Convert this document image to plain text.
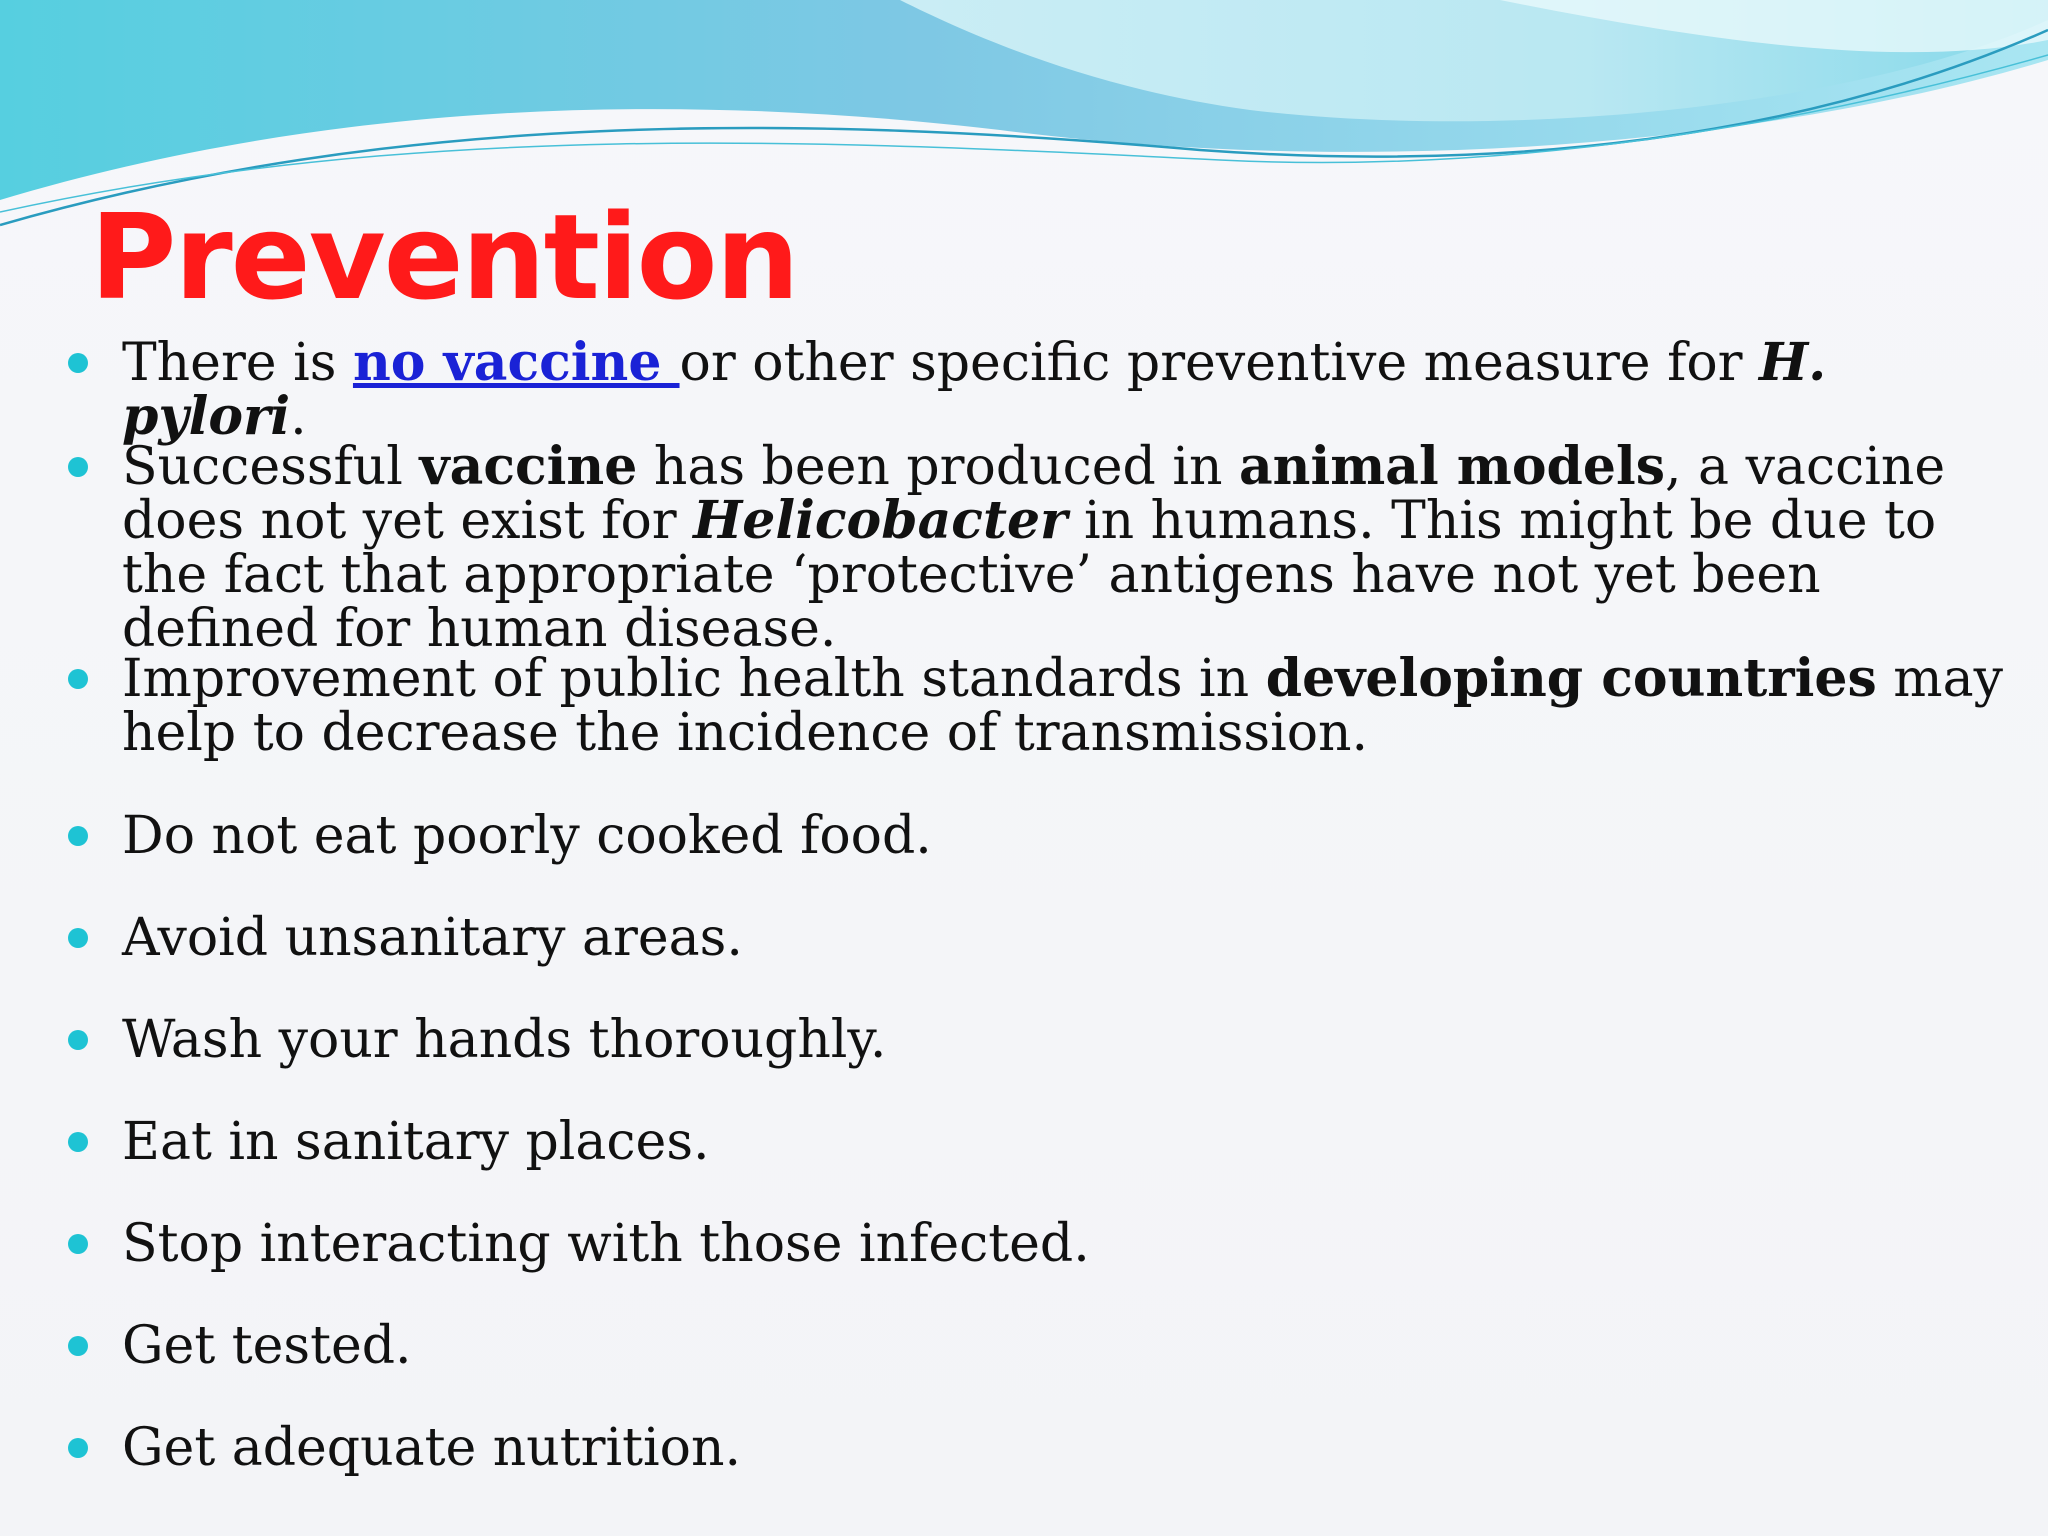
Prevention
There is no vaccine or other specific preventive measure for H. pylori.
Successful vaccine has been produced in animal models, a vaccine does not yet exist for Helicobacter in humans. This might be due to the fact that appropriate ‘protective’ antigens have not yet been defined for human disease.
Improvement of public health standards in developing countries may help to decrease the incidence of transmission.
Do not eat poorly cooked food.
Avoid unsanitary areas.
Wash your hands thoroughly.
Eat in sanitary places.
Stop interacting with those infected.
Get tested.
Get adequate nutrition.
